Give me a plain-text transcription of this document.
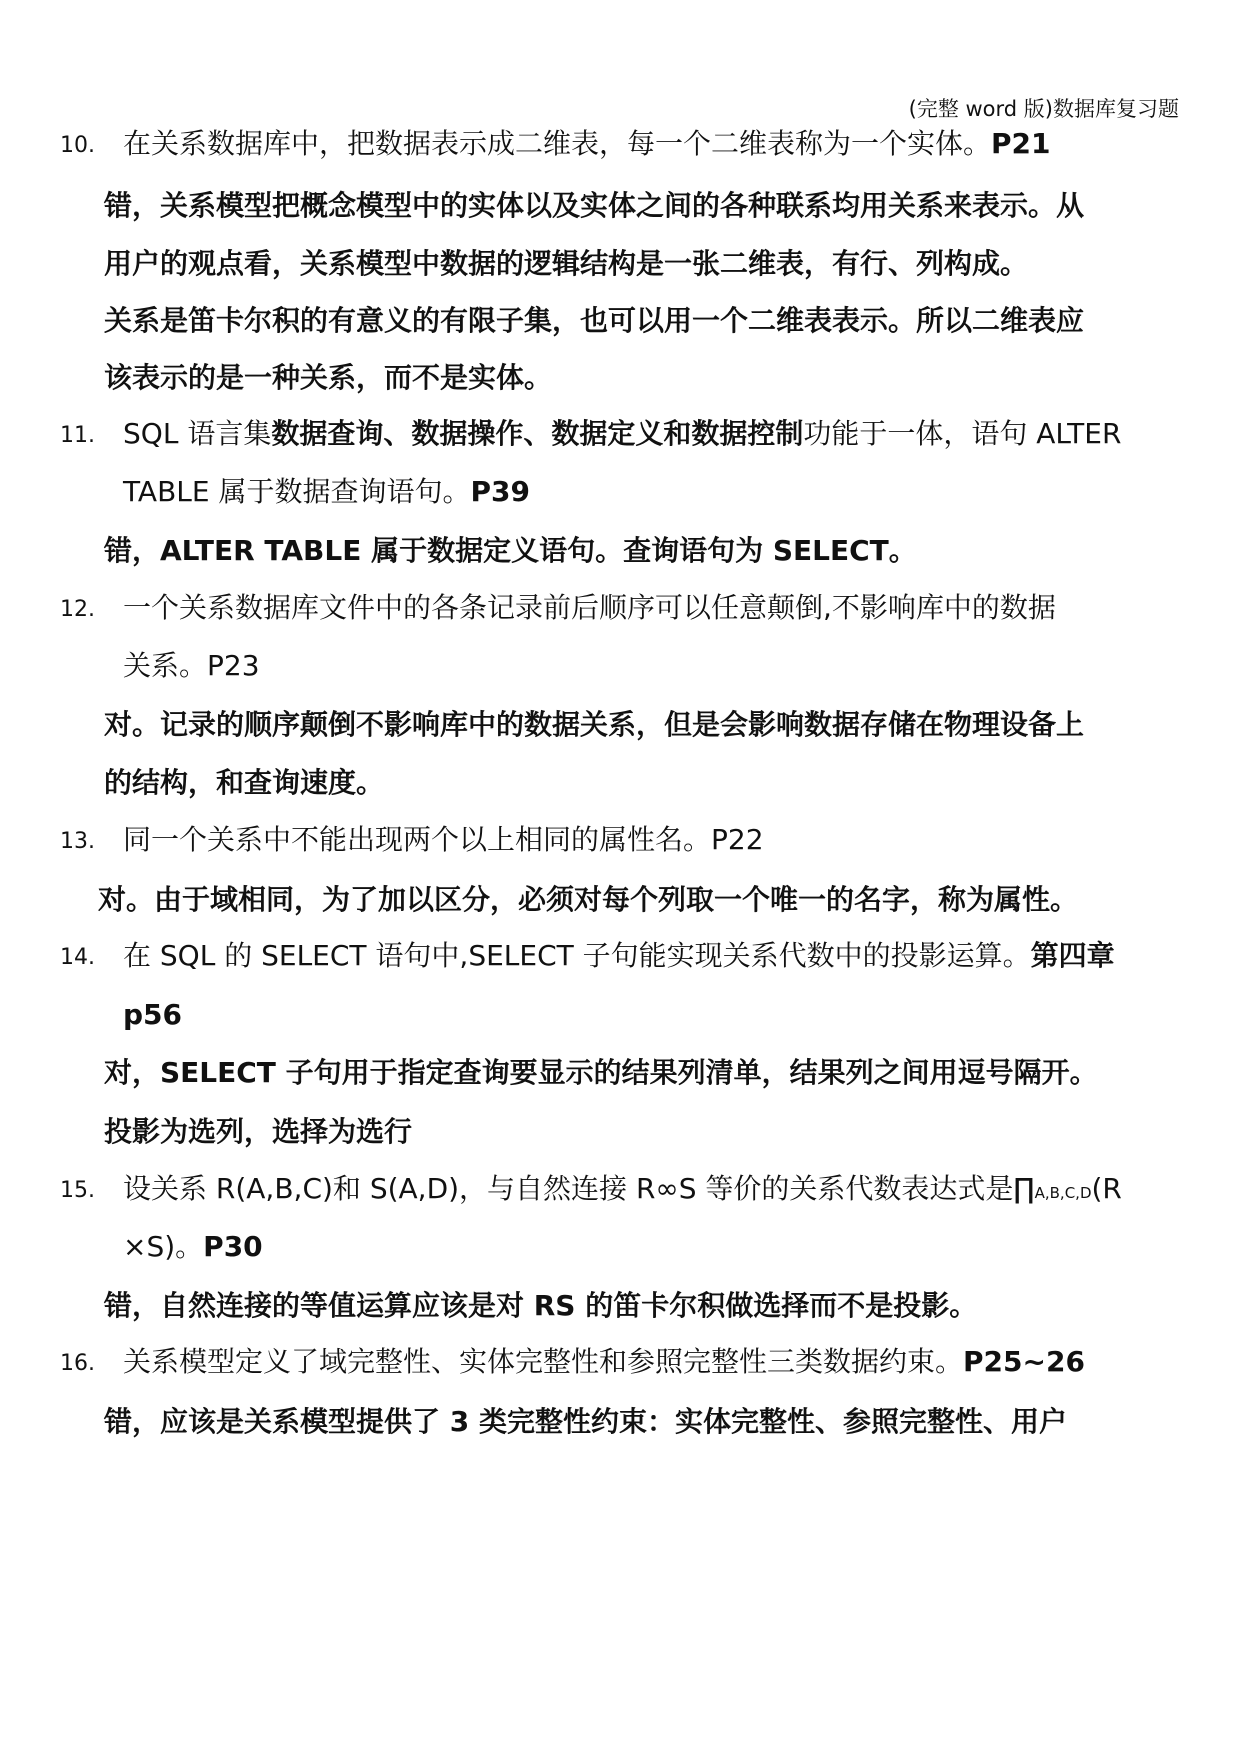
(完整 word 版)数据库复习题
10. 在关系数据库中，把数据表示成二维表，每一个二维表称为一个实体。P21
错，关系模型把概念模型中的实体以及实体之间的各种联系均用关系来表示。从
用户的观点看，关系模型中数据的逻辑结构是一张二维表，有行、列构成。
关系是笛卡尔积的有意义的有限子集，也可以用一个二维表表示。所以二维表应
该表示的是一种关系，而不是实体。
11. SQL 语言集数据查询、数据操作、数据定义和数据控制功能于一体，语句 ALTER
TABLE 属于数据查询语句。P39
错，ALTER TABLE 属于数据定义语句。查询语句为 SELECT。
12. 一个关系数据库文件中的各条记录前后顺序可以任意颠倒,不影响库中的数据
关系。P23
对。记录的顺序颠倒不影响库中的数据关系，但是会影响数据存储在物理设备上
的结构，和查询速度。
13. 同一个关系中不能出现两个以上相同的属性名。P22
对。由于域相同，为了加以区分，必须对每个列取一个唯一的名字，称为属性。
14. 在 SQL 的 SELECT 语句中,SELECT 子句能实现关系代数中的投影运算。第四章
p56
对，SELECT 子句用于指定查询要显示的结果列清单，结果列之间用逗号隔开。
投影为选列，选择为选行
15. 设关系 R(A,B,C)和 S(A,D)，与自然连接 R∞S 等价的关系代数表达式是∏A,B,C,D(R
×S)。P30
错，自然连接的等值运算应该是对 RS 的笛卡尔积做选择而不是投影。
16. 关系模型定义了域完整性、实体完整性和参照完整性三类数据约束。P25~26
错，应该是关系模型提供了 3 类完整性约束：实体完整性、参照完整性、用户
